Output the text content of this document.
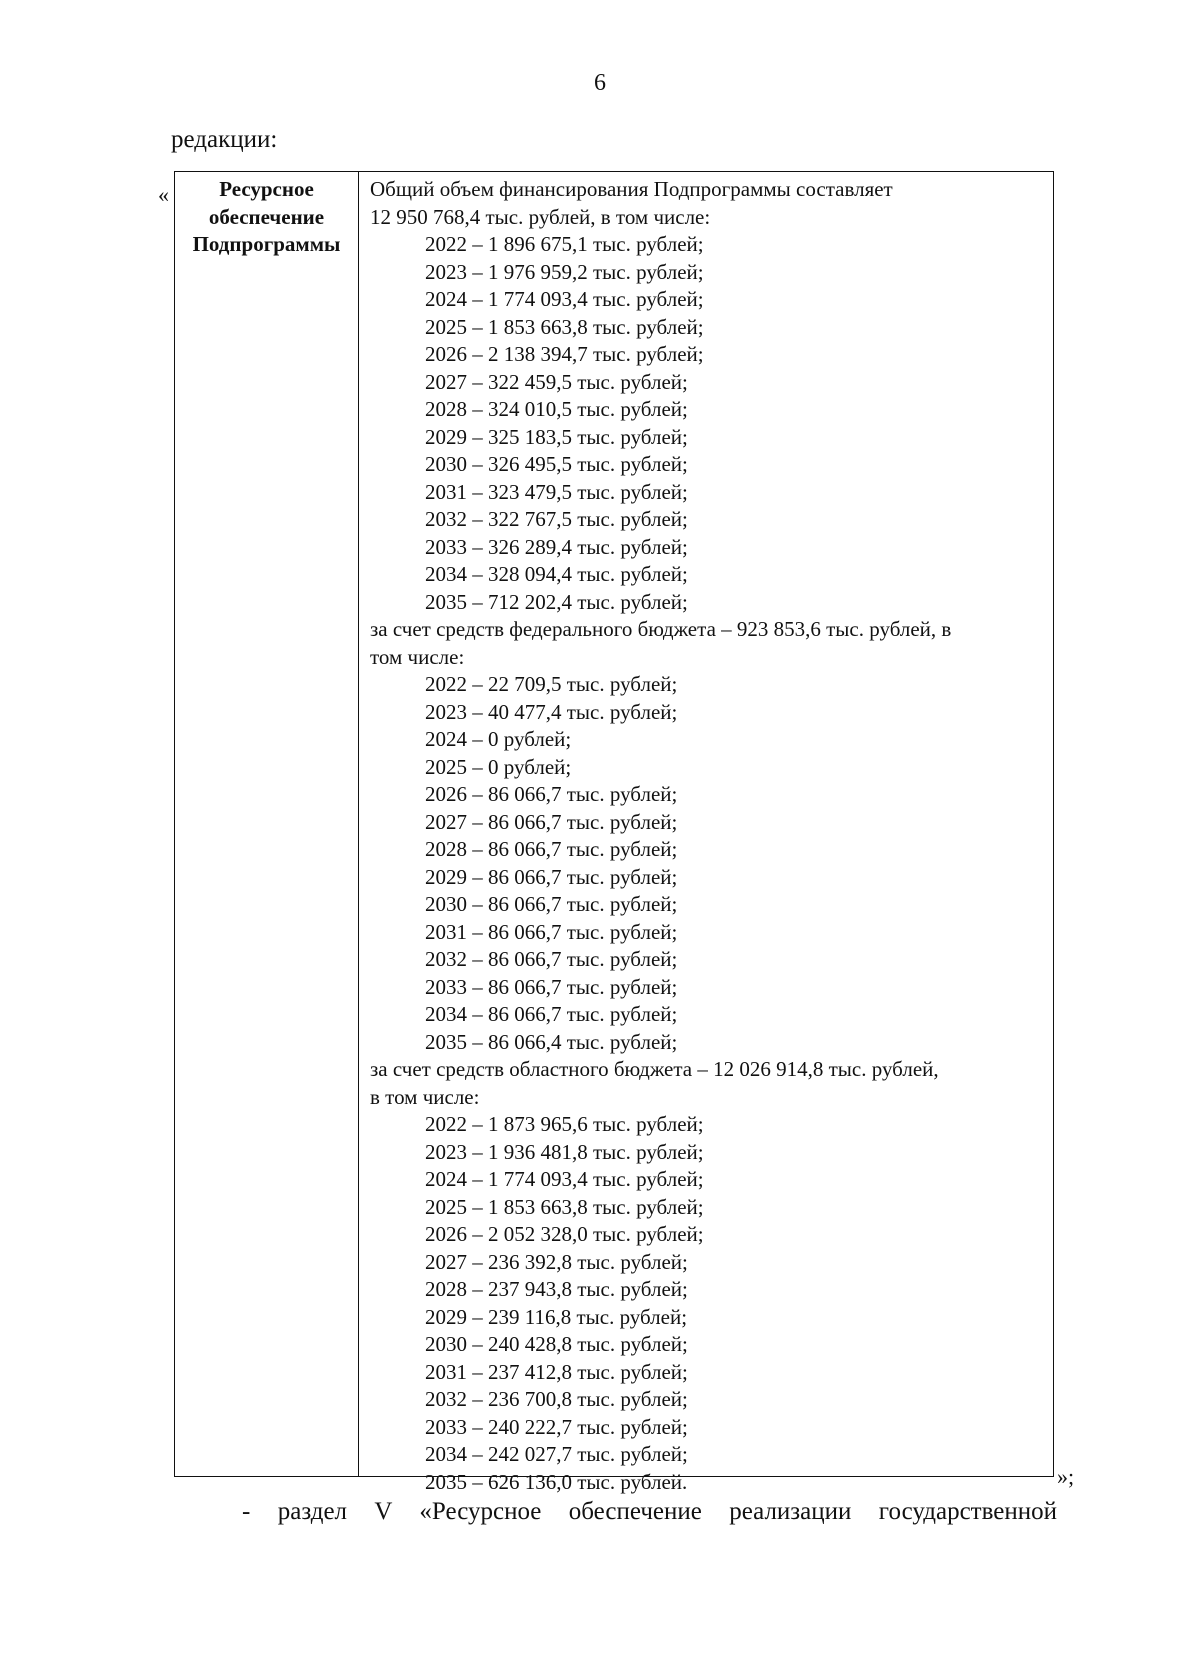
6
редакции:
«	Ресурсное
обеспечение
Подпрограммы
Общий объем финансирования Подпрограммы составляет
12 950 768,4 тыс. рублей, в том числе:
2022 – 1 896 675,1 тыс. рублей;
2023 – 1 976 959,2 тыс. рублей;
2024 – 1 774 093,4 тыс. рублей;
2025 – 1 853 663,8 тыс. рублей;
2026 – 2 138 394,7 тыс. рублей;
2027 – 322 459,5 тыс. рублей;
2028 – 324 010,5 тыс. рублей;
2029 – 325 183,5 тыс. рублей;
2030 – 326 495,5 тыс. рублей;
2031 – 323 479,5 тыс. рублей;
2032 – 322 767,5 тыс. рублей;
2033 – 326 289,4 тыс. рублей;
2034 – 328 094,4 тыс. рублей;
2035 – 712 202,4 тыс. рублей;
за счет средств федерального бюджета – 923 853,6 тыс. рублей, в
том числе:
2022 – 22 709,5 тыс. рублей;
2023 – 40 477,4 тыс. рублей;
2024 – 0 рублей;
2025 – 0 рублей;
2026 – 86 066,7 тыс. рублей;
2027 – 86 066,7 тыс. рублей;
2028 – 86 066,7 тыс. рублей;
2029 – 86 066,7 тыс. рублей;
2030 – 86 066,7 тыс. рублей;
2031 – 86 066,7 тыс. рублей;
2032 – 86 066,7 тыс. рублей;
2033 – 86 066,7 тыс. рублей;
2034 – 86 066,7 тыс. рублей;
2035 – 86 066,4 тыс. рублей;
за счет средств областного бюджета – 12 026 914,8 тыс. рублей,
в том числе:
2022 – 1 873 965,6 тыс. рублей;
2023 – 1 936 481,8 тыс. рублей;
2024 – 1 774 093,4 тыс. рублей;
2025 – 1 853 663,8 тыс. рублей;
2026 – 2 052 328,0 тыс. рублей;
2027 – 236 392,8 тыс. рублей;
2028 – 237 943,8 тыс. рублей;
2029 – 239 116,8 тыс. рублей;
2030 – 240 428,8 тыс. рублей;
2031 – 237 412,8 тыс. рублей;
2032 – 236 700,8 тыс. рублей;
2033 – 240 222,7 тыс. рублей;
2034 – 242 027,7 тыс. рублей;
2035 – 626 136,0 тыс. рублей.	»;
- раздел V «Ресурсное обеспечение реализации государственной
